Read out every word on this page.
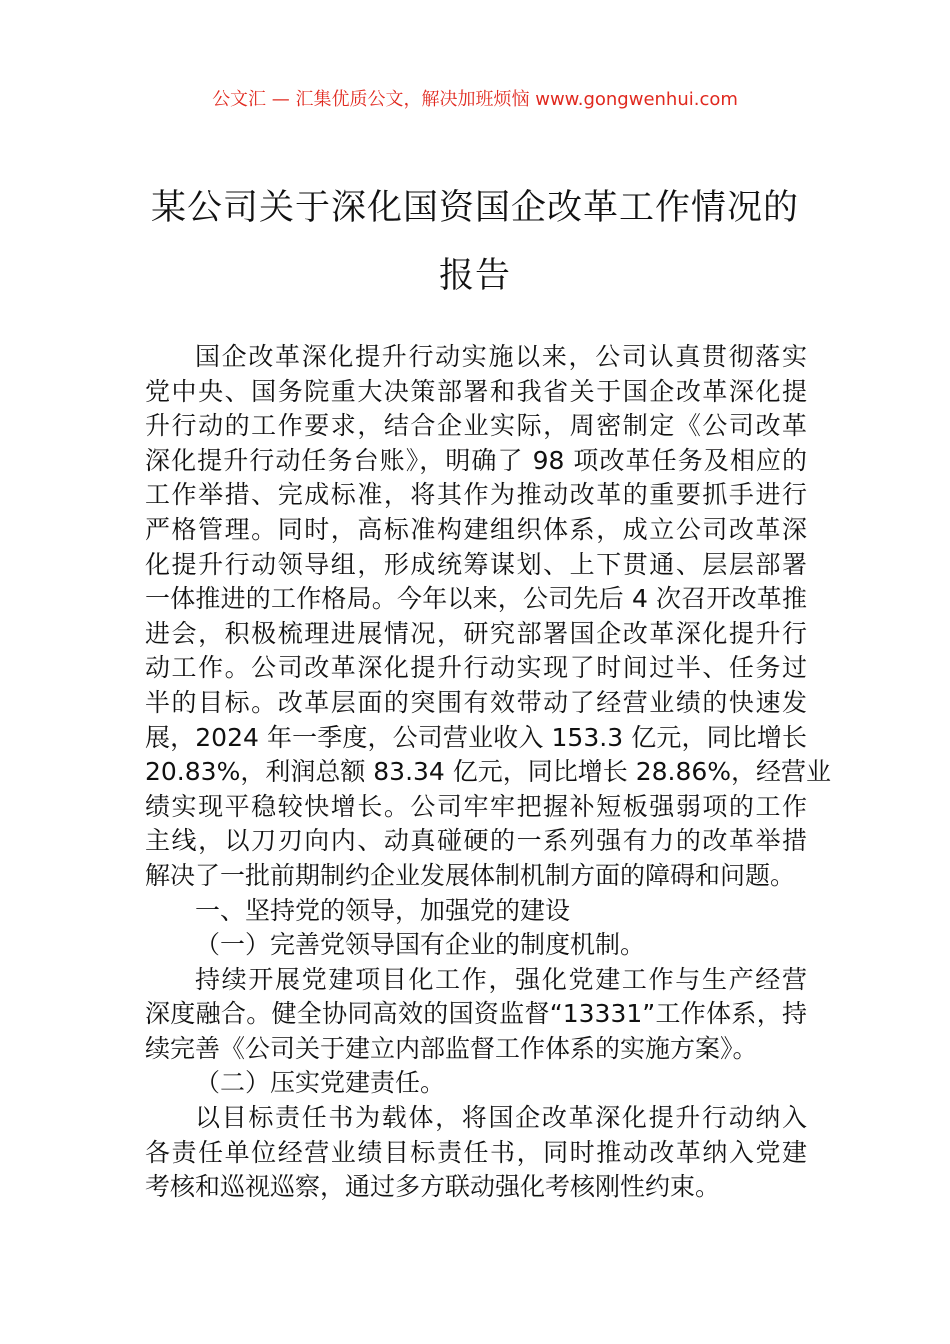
公文汇 — 汇集优质公文，解决加班烦恼 www.gongwenhui.com
某公司关于深化国资国企改革工作情况的
报告
国企改革深化提升行动实施以来，公司认真贯彻落实
党中央、国务院重大决策部署和我省关于国企改革深化提
升行动的工作要求，结合企业实际，周密制定《公司改革
深化提升行动任务台账》，明确了 98 项改革任务及相应的
工作举措、完成标准，将其作为推动改革的重要抓手进行
严格管理。同时，高标准构建组织体系，成立公司改革深
化提升行动领导组，形成统筹谋划、上下贯通、层层部署
一体推进的工作格局。今年以来，公司先后 4 次召开改革推
进会，积极梳理进展情况，研究部署国企改革深化提升行
动工作。公司改革深化提升行动实现了时间过半、任务过
半的目标。改革层面的突围有效带动了经营业绩的快速发
展，2024 年一季度，公司营业收入 153.3 亿元，同比增长
20.83%，利润总额 83.34 亿元，同比增长 28.86%，经营业
绩实现平稳较快增长。公司牢牢把握补短板强弱项的工作
主线，以刀刃向内、动真碰硬的一系列强有力的改革举措
解决了一批前期制约企业发展体制机制方面的障碍和问题。
一、坚持党的领导，加强党的建设
（一）完善党领导国有企业的制度机制。
持续开展党建项目化工作，强化党建工作与生产经营
深度融合。健全协同高效的国资监督“13331”工作体系，持
续完善《公司关于建立内部监督工作体系的实施方案》。
（二）压实党建责任。
以目标责任书为载体，将国企改革深化提升行动纳入
各责任单位经营业绩目标责任书，同时推动改革纳入党建
考核和巡视巡察，通过多方联动强化考核刚性约束。
